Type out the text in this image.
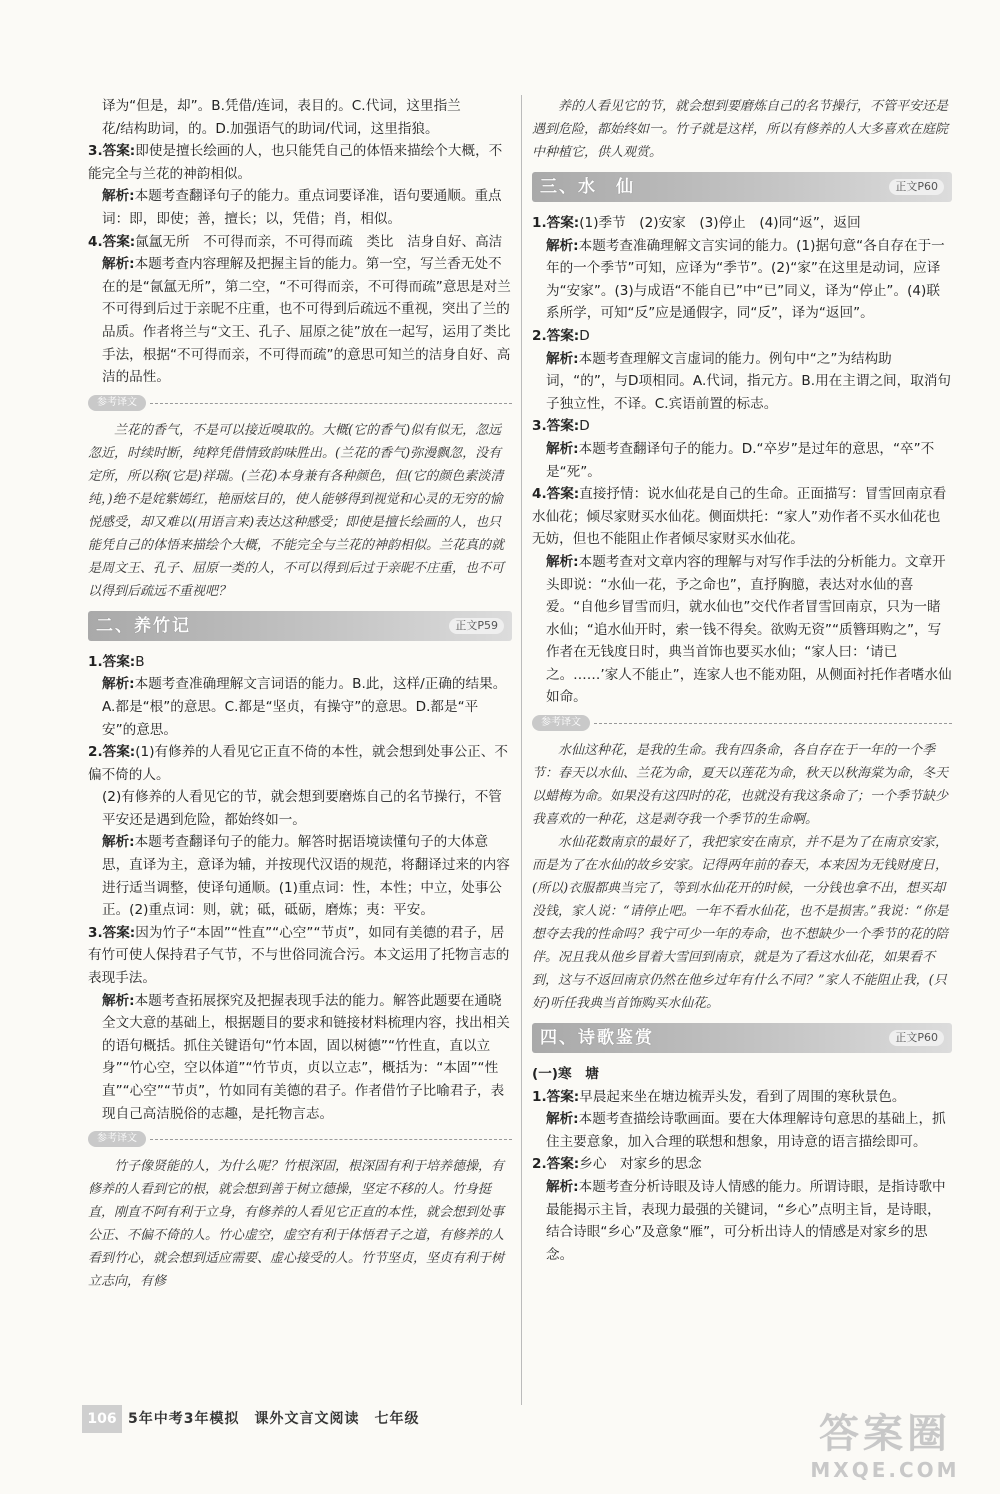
译为“但是，却”。B.凭借/连词，表目的。C.代词，这里指兰

花/结构助词，的。D.加强语气的助词/代词，这里指狼。

3.答案:即使是擅长绘画的人，也只能凭自己的体悟来描绘个大概，不能完全与兰花的神韵相似。
解析:本题考查翻译句子的能力。重点词要译准，语句要通顺。重点词：即，即使；善，擅长；以，凭借；肖，相似。
4.答案:氤氲无所　不可得而亲，不可得而疏　类比　洁身自好、高洁
解析:本题考查内容理解及把握主旨的能力。第一空，写兰香无处不在的是“氤氲无所”，第二空，“不可得而亲，不可得而疏”意思是对兰不可得到后过于亲昵不庄重，也不可得到后疏远不重视，突出了兰的品质。作者将兰与“文王、孔子、屈原之徒”放在一起写，运用了类比手法，根据“不可得而亲，不可得而疏”的意思可知兰的洁身自好、高洁的品性。
参考译文

兰花的香气，不是可以接近嗅取的。大概(它的香气)似有似无，忽远忽近，时续时断，纯粹凭借情致韵味胜出。(兰花的香气)弥漫飘忽，没有定所，所以称(它是)祥瑞。(兰花)本身兼有各种颜色，但(它的颜色素淡清纯，)绝不是姹紫嫣红，艳丽炫目的，使人能够得到视觉和心灵的无穷的愉悦感受，却又难以(用语言来)表达这种感受；即使是擅长绘画的人，也只能凭自己的体悟来描绘个大概，不能完全与兰花的神韵相似。兰花真的就是周文王、孔子、屈原一类的人，不可以得到后过于亲昵不庄重，也不可以得到后疏远不重视吧？

二、养竹记	正文P59
1.答案:B
解析:本题考查准确理解文言词语的能力。B.此，这样/正确的结果。A.都是“根”的意思。C.都是“坚贞，有操守”的意思。D.都是“平安”的意思。
2.答案:(1)有修养的人看见它正直不倚的本性，就会想到处事公正、不偏不倚的人。
(2)有修养的人看见它的节，就会想到要磨炼自己的名节操行，不管平安还是遇到危险，都始终如一。
解析:本题考查翻译句子的能力。解答时据语境读懂句子的大体意思，直译为主，意译为辅，并按现代汉语的规范，将翻译过来的内容进行适当调整，使译句通顺。(1)重点词：性，本性；中立，处事公正。(2)重点词：则，就；砥，砥砺，磨炼；夷：平安。
3.答案:因为竹子“本固”“性直”“心空”“节贞”，如同有美德的君子，居有竹可使人保持君子气节，不与世俗同流合污。本文运用了托物言志的表现手法。
解析:本题考查拓展探究及把握表现手法的能力。解答此题要在通晓全文大意的基础上，根据题目的要求和链接材料梳理内容，找出相关的语句概括。抓住关键语句“竹本固，固以树德”“竹性直，直以立身”“竹心空，空以体道”“竹节贞，贞以立志”，概括为：“本固”“性直”“心空”“节贞”，竹如同有美德的君子。作者借竹子比喻君子，表现自己高洁脱俗的志趣，是托物言志。
参考译文

竹子像贤能的人，为什么呢？竹根深固，根深固有利于培养德操，有修养的人看到它的根，就会想到善于树立德操，坚定不移的人。竹身挺直，刚直不阿有利于立身，有修养的人看见它正直的本性，就会想到处事公正、不偏不倚的人。竹心虚空，虚空有利于体悟君子之道，有修养的人看到竹心，就会想到适应需要、虚心接受的人。竹节坚贞，坚贞有利于树立志向，有修

养的人看见它的节，就会想到要磨炼自己的名节操行，不管平安还是遇到危险，都始终如一。竹子就是这样，所以有修养的人大多喜欢在庭院中种植它，供人观赏。

三、水　仙	正文P60
1.答案:(1)季节　(2)安家　(3)停止　(4)同“返”，返回
解析:本题考查准确理解文言实词的能力。(1)据句意“各自存在于一年的一个季节”可知，应译为“季节”。(2)“家”在这里是动词，应译为“安家”。(3)与成语“不能自已”中“已”同义，译为“停止”。(4)联系所学，可知“反”应是通假字，同“反”，译为“返回”。
2.答案:D
解析:本题考查理解文言虚词的能力。例句中“之”为结构助词，“的”，与D项相同。A.代词，指元方。B.用在主谓之间，取消句子独立性，不译。C.宾语前置的标志。
3.答案:D
解析:本题考查翻译句子的能力。D.“卒岁”是过年的意思，“卒”不是“死”。
4.答案:直接抒情：说水仙花是自己的生命。正面描写：冒雪回南京看水仙花；倾尽家财买水仙花。侧面烘托：“家人”劝作者不买水仙花也无妨，但也不能阻止作者倾尽家财买水仙花。
解析:本题考查对文章内容的理解与对写作手法的分析能力。文章开头即说：“水仙一花，予之命也”，直抒胸臆，表达对水仙的喜爱。“自他乡冒雪而归，就水仙也”交代作者冒雪回南京，只为一睹水仙；“追水仙开时，索一钱不得矣。欲购无资”“质簪珥购之”，写作者在无钱度日时，典当首饰也要买水仙；“家人曰：‘请已之。……’家人不能止”，连家人也不能劝阻，从侧面衬托作者嗜水仙如命。
参考译文

水仙这种花，是我的生命。我有四条命，各自存在于一年的一个季节：春天以水仙、兰花为命，夏天以莲花为命，秋天以秋海棠为命，冬天以蜡梅为命。如果没有这四时的花，也就没有我这条命了；一个季节缺少我喜欢的一种花，这是剥夺我一个季节的生命啊。

水仙花数南京的最好了，我把家安在南京，并不是为了在南京安家，而是为了在水仙的故乡安家。记得两年前的春天，本来因为无钱财度日，(所以)衣服都典当完了，等到水仙花开的时候，一分钱也拿不出，想买却没钱，家人说：“请停止吧。一年不看水仙花，也不是损害。”我说：“你是想夺去我的性命吗？我宁可少一年的寿命，也不想缺少一个季节的花的陪伴。况且我从他乡冒着大雪回到南京，就是为了看这水仙花，如果看不到，这与不返回南京仍然在他乡过年有什么不同？”家人不能阻止我，(只好)听任我典当首饰购买水仙花。

四、诗歌鉴赏	正文P60

(一)寒　塘

1.答案:早晨起来坐在塘边梳弄头发，看到了周围的寒秋景色。
解析:本题考查描绘诗歌画面。要在大体理解诗句意思的基础上，抓住主要意象，加入合理的联想和想象，用诗意的语言描绘即可。
2.答案:乡心　对家乡的思念
解析:本题考查分析诗眼及诗人情感的能力。所谓诗眼，是指诗歌中最能揭示主旨，表现力最强的关键词，“乡心”点明主旨，是诗眼，结合诗眼“乡心”及意象“雁”，可分析出诗人的情感是对家乡的思念。
106 5年中考3年模拟　课外文言文阅读　七年级	答案圈
MXQE.COM
